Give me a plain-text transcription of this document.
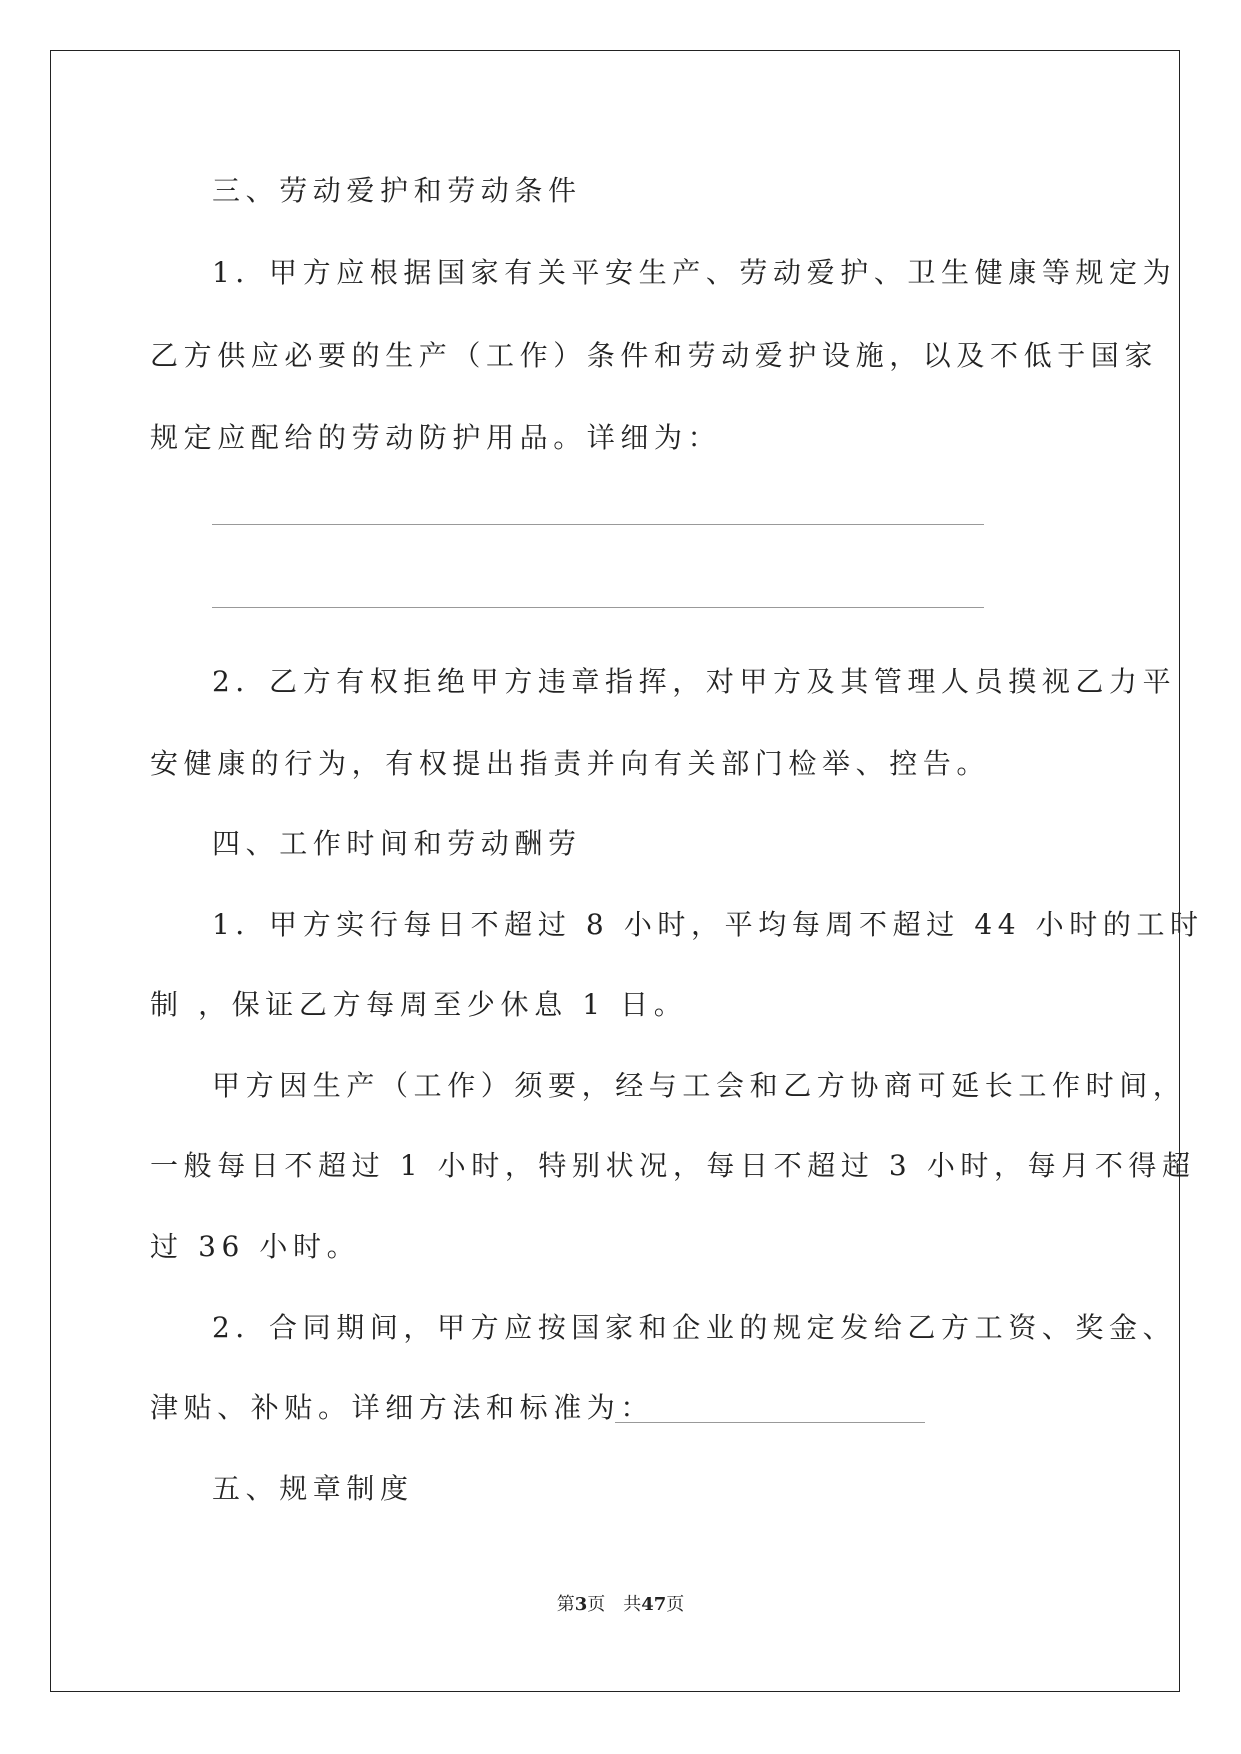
三、劳动爱护和劳动条件
1．甲方应根据国家有关平安生产、劳动爱护、卫生健康等规定为
乙方供应必要的生产（工作）条件和劳动爱护设施，以及不低于国家
规定应配给的劳动防护用品。详细为：
2．乙方有权拒绝甲方违章指挥，对甲方及其管理人员摸视乙力平
安健康的行为，有权提出指责并向有关部门检举、控告。
四、工作时间和劳动酬劳
1．甲方实行每日不超过 8 小时，平均每周不超过 44 小时的工时
制 ，保证乙方每周至少休息 1 日。
甲方因生产（工作）须要，经与工会和乙方协商可延长工作时间，
一般每日不超过 1 小时，特别状况，每日不超过 3 小时，每月不得超
过 36 小时。
2．合同期间，甲方应按国家和企业的规定发给乙方工资、奖金、
津贴、补贴。详细方法和标准为：
五、规章制度
第3页　共47页
